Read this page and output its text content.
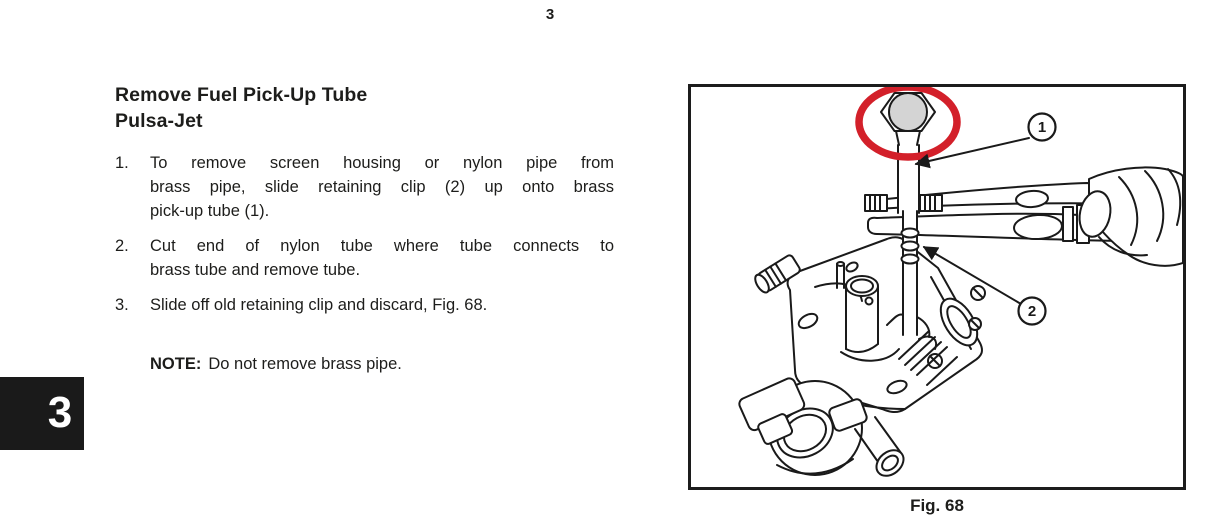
3
Remove Fuel Pick-Up Tube
Pulsa-Jet
1.	To remove screen housing or nylon pipe from
brass pipe, slide retaining clip (2) up onto brass
pick-up tube (1).
2.	Cut end of nylon tube where tube connects to
brass tube and remove tube.
3.	Slide off old retaining clip and discard, Fig. 68.
NOTE: Do not remove brass pipe.
3
1
2
Fig. 68
